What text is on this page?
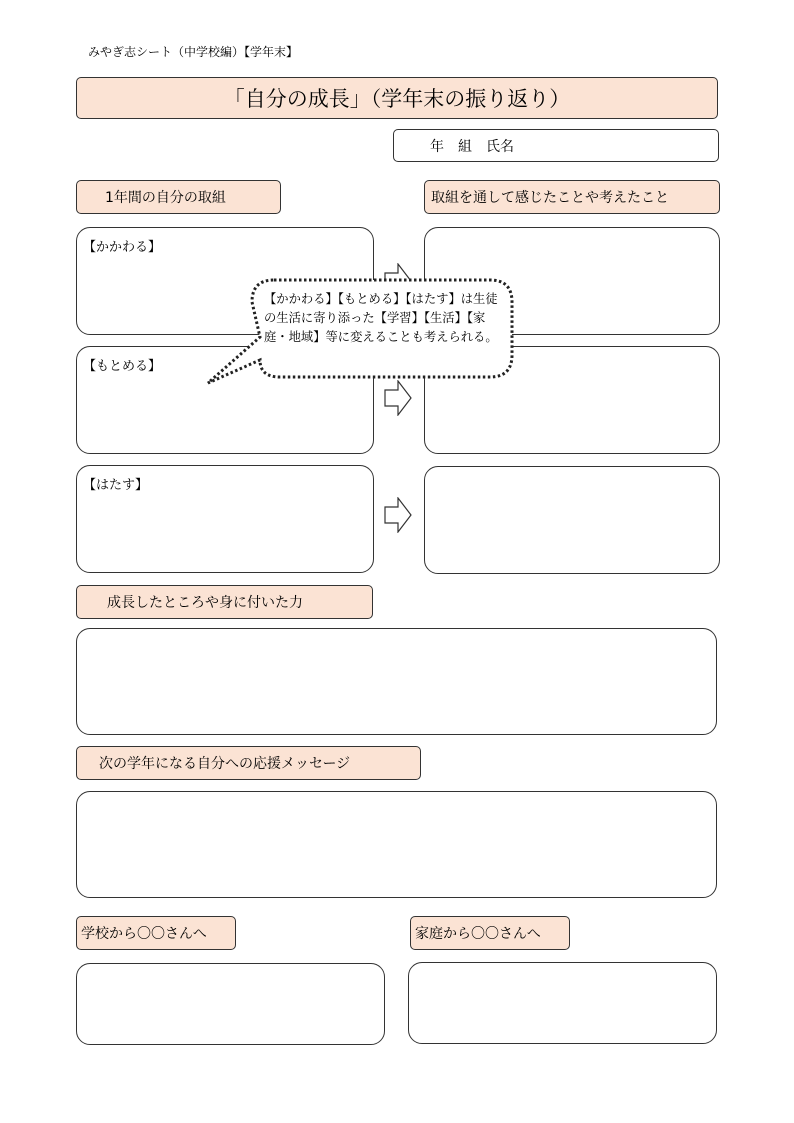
みやぎ志シート（中学校編）【学年末】
「自分の成長」（学年末の振り返り）
年　組　氏名
1年間の自分の取組	取組を通して感じたことや考えたこと
【かかわる】
【もとめる】
【はたす】
【かかわる】【もとめる】【はたす】は生徒の生活に寄り添った【学習】【生活】【家庭・地域】等に変えることも考えられる。
成長したところや身に付いた力
次の学年になる自分への応援メッセージ
学校から〇〇さんへ	家庭から〇〇さんへ
